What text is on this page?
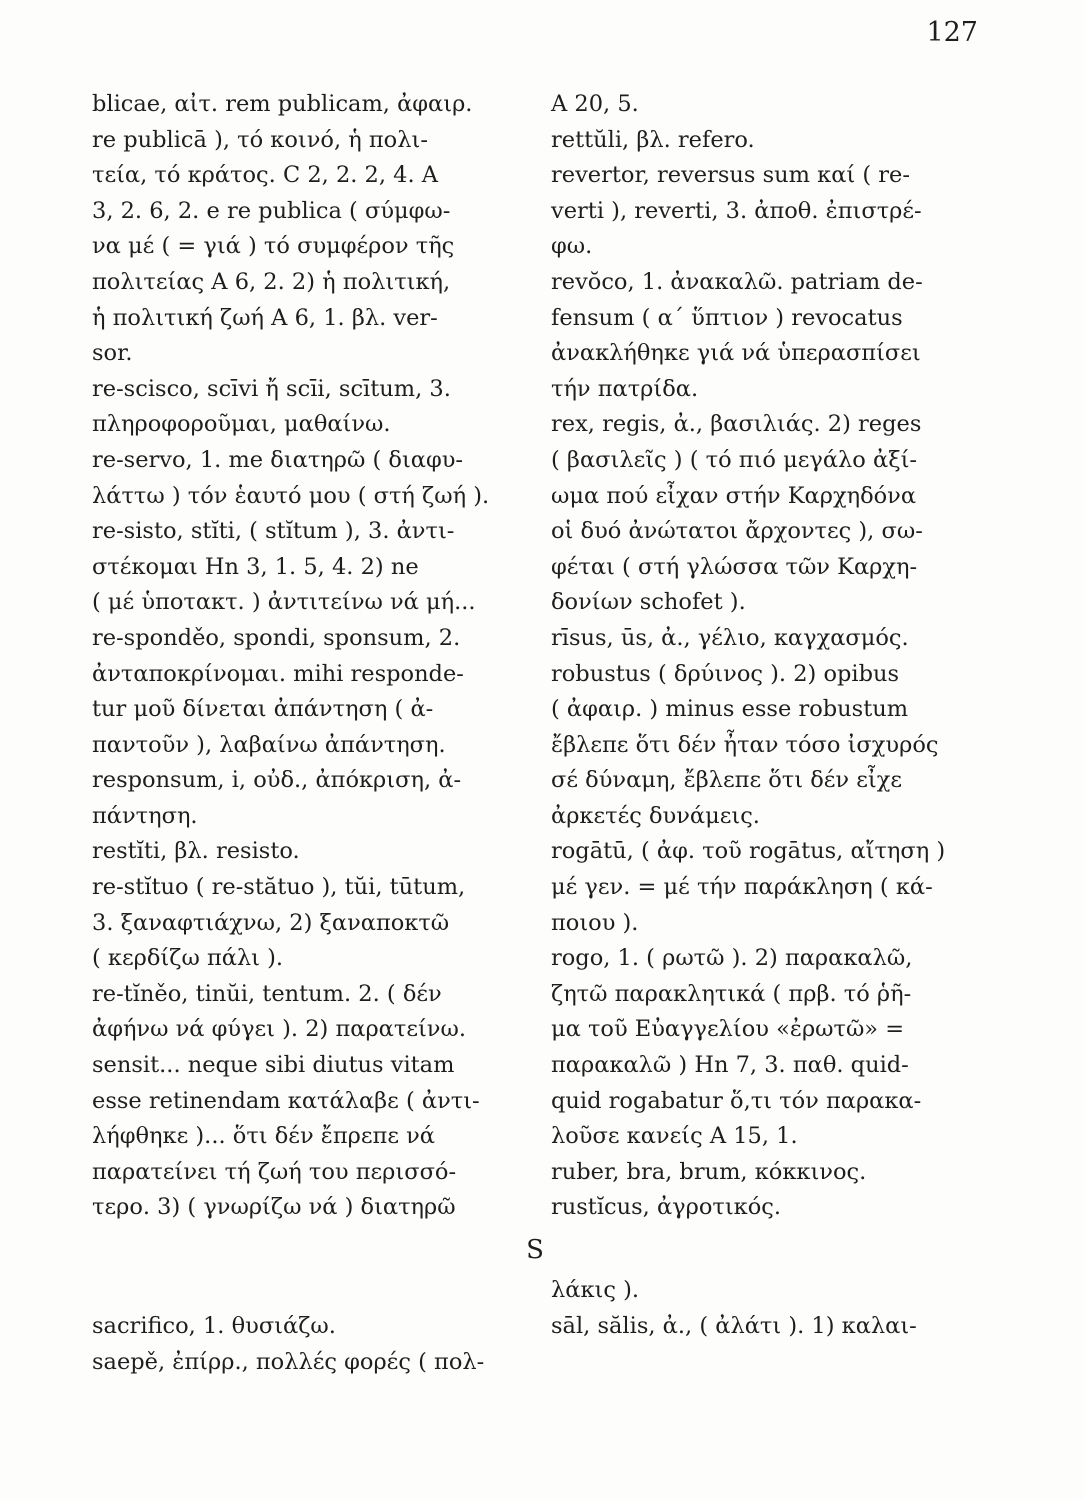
127
blicae, αἰτ. rem publicam, ἀφαιρ.
re publicā ), τό κοινό, ἡ πολι-
τεία, τό κράτος. C 2, 2. 2, 4. A
3, 2. 6, 2. e re publica ( σύμφω-
να μέ ( = γιά ) τό συμφέρον τῆς
πολιτείας A 6, 2. 2) ἡ πολιτική,
ἡ πολιτική ζωή A 6, 1. βλ. ver-
sor.
re-scisco, scīvi ἤ scīi, scītum, 3.
πληροφοροῦμαι, μαθαίνω.
re-servo, 1. me διατηρῶ ( διαφυ-
λάττω ) τόν ἑαυτό μου ( στή ζωή ).
re-sisto, stĭti, ( stĭtum ), 3. ἀντι-
στέκομαι Hn 3, 1. 5, 4. 2) ne
( μέ ὑποτακτ. ) ἀντιτείνω νά μή...
re-sponděo, spondi, sponsum, 2.
ἀνταποκρίνομαι. mihi responde-
tur μοῦ δίνεται ἀπάντηση ( ἀ-
παντοῦν ), λαβαίνω ἀπάντηση.
responsum, i, οὐδ., ἀπόκριση, ἀ-
πάντηση.
restĭti, βλ. resisto.
re-stĭtuo ( re-stătuo ), tŭi, tūtum,
3. ξαναφτιάχνω, 2) ξαναποκτῶ
( κερδίζω πάλι ).
re-tĭněo, tinŭi, tentum. 2. ( δέν
ἀφήνω νά φύγει ). 2) παρατείνω.
sensit... neque sibi diutus vitam
esse retinendam κατάλαβε ( ἀντι-
λήφθηκε )... ὅτι δέν ἔπρεπε νά
παρατείνει τή ζωή του περισσό-
τερο. 3) ( γνωρίζω νά ) διατηρῶ
A 20, 5.
rettŭli, βλ. refero.
revertor, reversus sum καί ( re-
verti ), reverti, 3. ἀποθ. ἐπιστρέ-
φω.
revŏco, 1. ἀνακαλῶ. patriam de-
fensum ( α΄ ὕπτιον ) revocatus
ἀνακλήθηκε γιά νά ὑπερασπίσει
τήν πατρίδα.
rex, regis, ἀ., βασιλιάς. 2) reges
( βασιλεῖς ) ( τό πιό μεγάλο ἀξί-
ωμα πού εἶχαν στήν Καρχηδόνα
οἱ δυό ἀνώτατοι ἄρχοντες ), σω-
φέται ( στή γλώσσα τῶν Καρχη-
δονίων schofet ).
rīsus, ūs, ἀ., γέλιο, καγχασμός.
robustus ( δρύινος ). 2) opibus
( ἀφαιρ. ) minus esse robustum
ἔβλεπε ὅτι δέν ἦταν τόσο ἰσχυρός
σέ δύναμη, ἔβλεπε ὅτι δέν εἶχε
ἀρκετές δυνάμεις.
rogātū, ( ἀφ. τοῦ rogātus, αἴτηση )
μέ γεν. = μέ τήν παράκληση ( κά-
ποιου ).
rogo, 1. ( ρωτῶ ). 2) παρακαλῶ,
ζητῶ παρακλητικά ( πρβ. τό ῥῆ-
μα τοῦ Εὐαγγελίου «ἐρωτῶ» =
παρακαλῶ ) Hn 7, 3. παθ. quid-
quid rogabatur ὅ,τι τόν παρακα-
λοῦσε κανείς A 15, 1.
ruber, bra, brum, κόκκινος.
rustĭcus, ἀγροτικός.
S
sacrifico, 1. θυσιάζω.
saepě, ἐπίρρ., πολλές φορές ( πολ-
λάκις ).
sāl, sălis, ἀ., ( ἀλάτι ). 1) καλαι-
